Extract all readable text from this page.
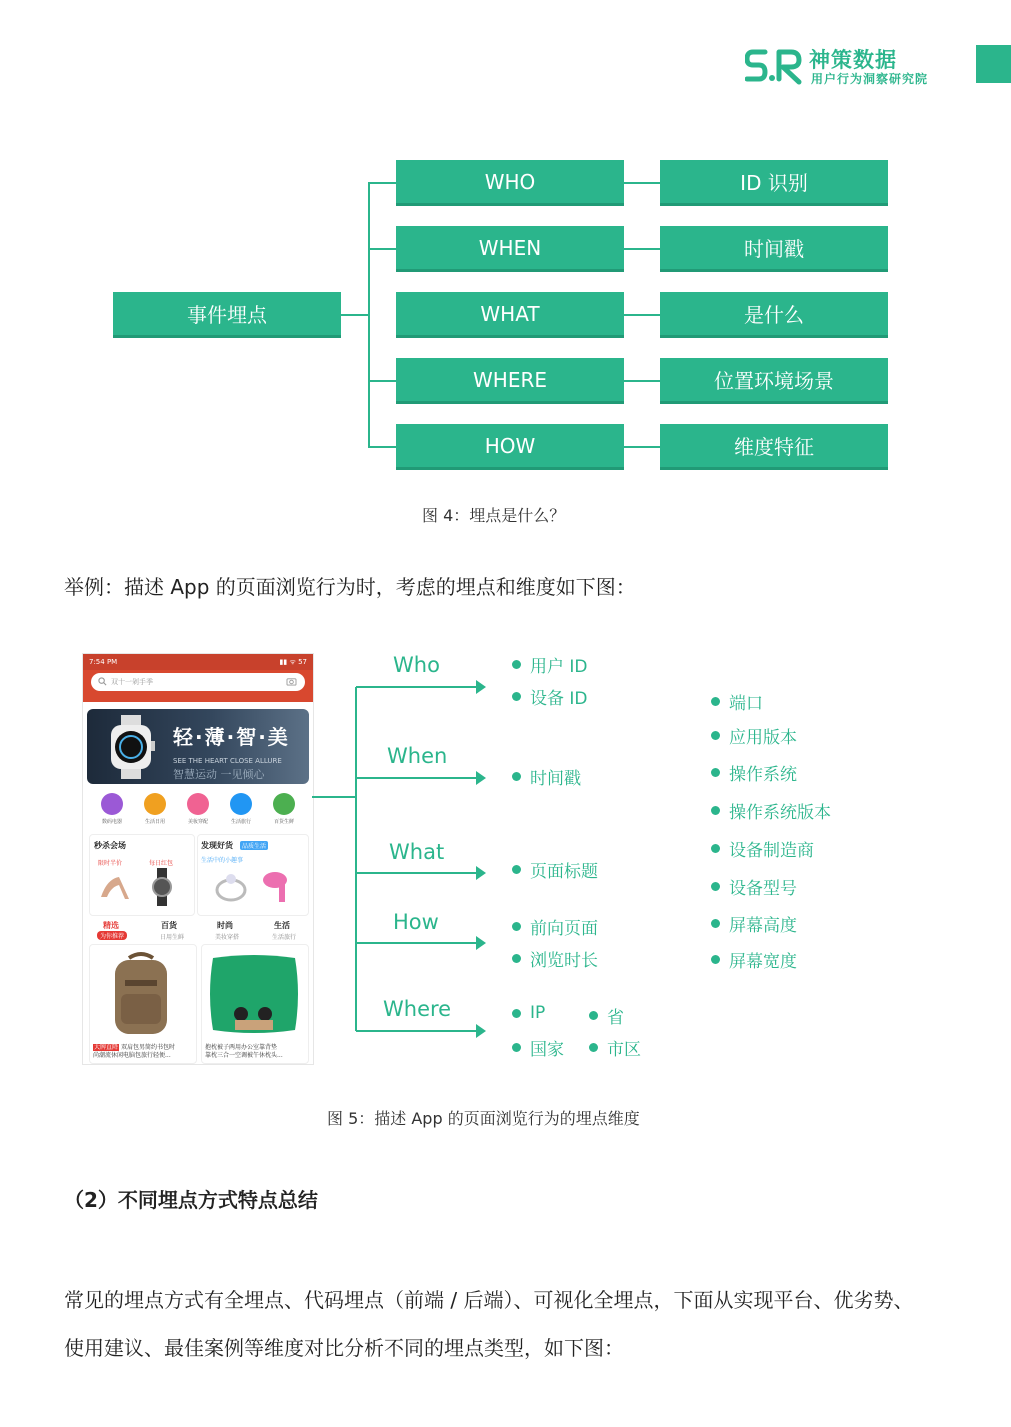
神策数据
用户行为洞察研究院
事件埋点
WHO
WHEN
WHAT
WHERE
HOW
ID 识别
时间戳
是什么
位置环境场景
维度特征
图 4：埋点是什么？
举例：描述 App 的页面浏览行为时，考虑的埋点和维度如下图：
7:54 PM	▮▮ ᯤ 57
双十一剁手季
轻·薄·智·美
SEE THE HEART CLOSE ALLURE
智慧运动 一见倾心
数码电器	生活日用	美妆穿配	生活旅行	百货生鲜
秒杀会场
限时半价	每日红包
发现好货	品质生活
生活中的小趣事
精选
为你推荐
百货
日用生鲜
时尚
美妆穿搭
生活
生活旅行
大牌直降 双肩包男简约书包时
尚潮流休闲电脑包旅行轻便...
抱枕被子两用办公室靠背垫
靠枕三合一空调被午休枕头...
Who
When
What
How
Where
用户 ID
设备 ID
时间戳
页面标题
前向页面
浏览时长
IP	省
国家	市区
端口
应用版本
操作系统
操作系统版本
设备制造商
设备型号
屏幕高度
屏幕宽度
图 5：描述 App 的页面浏览行为的埋点维度
（2）不同埋点方式特点总结
常见的埋点方式有全埋点、代码埋点（前端 / 后端）、可视化全埋点，下面从实现平台、优劣势、
使用建议、最佳案例等维度对比分析不同的埋点类型，如下图：
